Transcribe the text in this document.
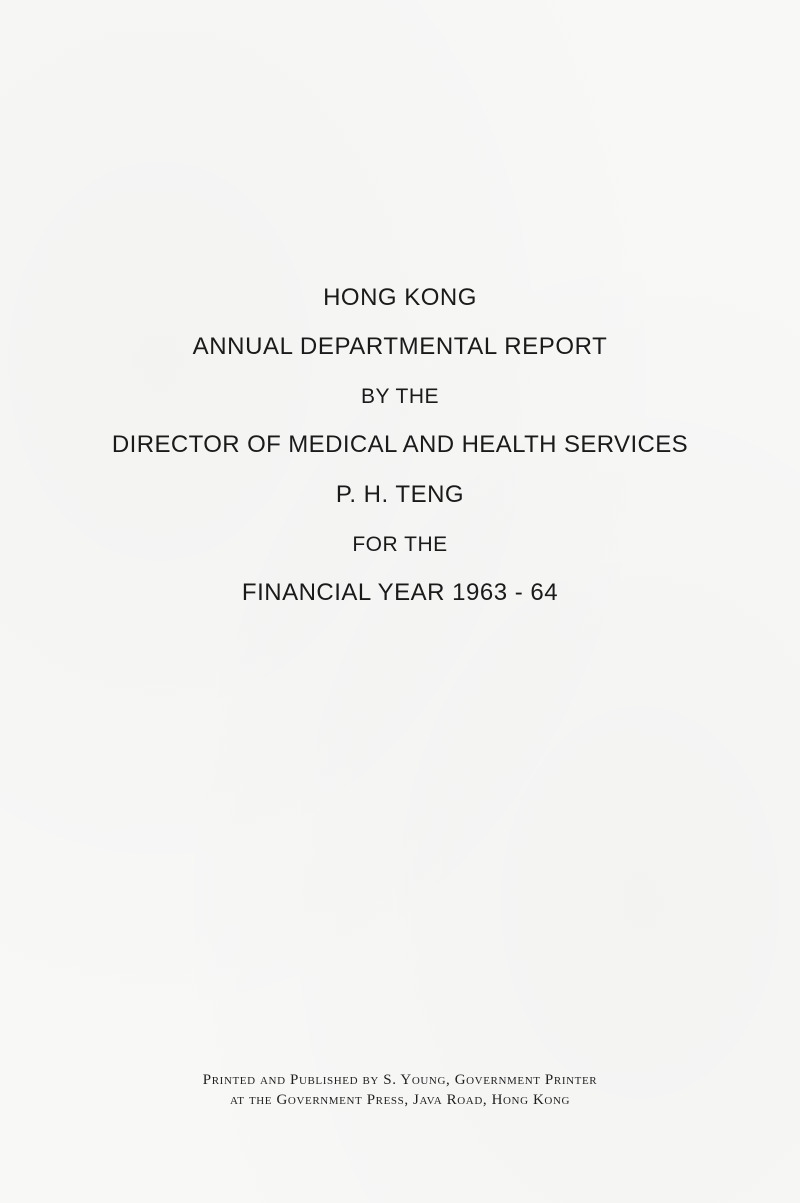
HONG KONG
ANNUAL DEPARTMENTAL REPORT

BY THE

DIRECTOR OF MEDICAL AND HEALTH SERVICES

P. H. TENG

FOR THE

FINANCIAL YEAR 1963 - 64
Printed and Published by S. Young, Government Printer
at the Government Press, Java Road, Hong Kong
